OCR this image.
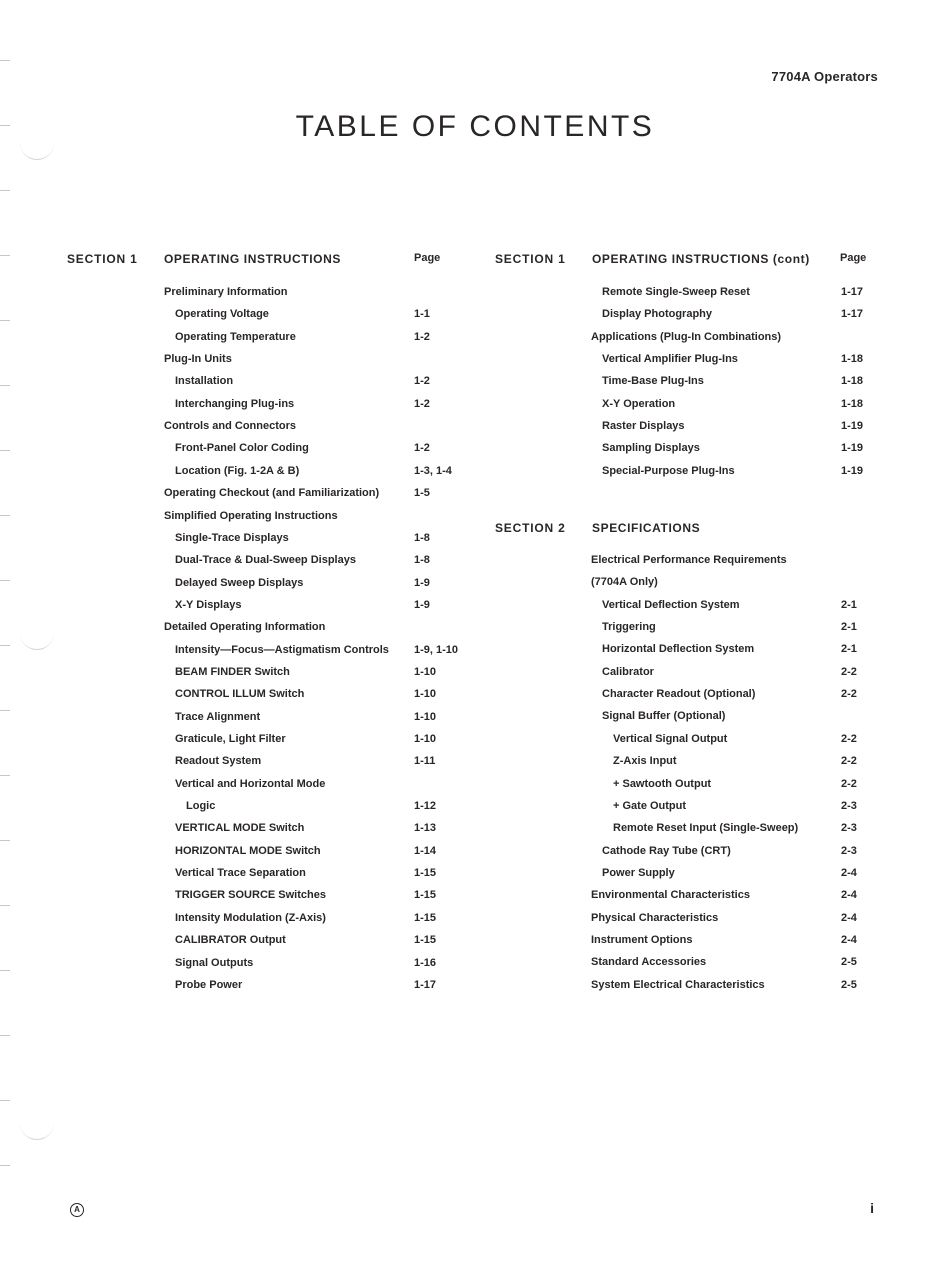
7704A Operators
TABLE OF CONTENTS
SECTION 1 OPERATING INSTRUCTIONS	Page
Preliminary Information
Operating Voltage	1-1
Operating Temperature	1-2
Plug-In Units
Installation	1-2
Interchanging Plug-ins	1-2
Controls and Connectors
Front-Panel Color Coding	1-2
Location (Fig. 1-2A & B)	1-3, 1-4
Operating Checkout (and Familiarization)	1-5
Simplified Operating Instructions
Single-Trace Displays	1-8
Dual-Trace & Dual-Sweep Displays	1-8
Delayed Sweep Displays	1-9
X-Y Displays	1-9
Detailed Operating Information
Intensity—Focus—Astigmatism Controls 1-9, 1-10
BEAM FINDER Switch	1-10
CONTROL ILLUM Switch	1-10
Trace Alignment	1-10
Graticule, Light Filter	1-10
Readout System	1-11
Vertical and Horizontal Mode
Logic	1-12
VERTICAL MODE Switch	1-13
HORIZONTAL MODE Switch	1-14
Vertical Trace Separation	1-15
TRIGGER SOURCE Switches	1-15
Intensity Modulation (Z-Axis)	1-15
CALIBRATOR Output	1-15
Signal Outputs	1-16
Probe Power	1-17
SECTION 1 OPERATING INSTRUCTIONS (cont)	Page
Remote Single-Sweep Reset	1-17
Display Photography	1-17
Applications (Plug-In Combinations)
Vertical Amplifier Plug-Ins	1-18
Time-Base Plug-Ins	1-18
X-Y Operation	1-18
Raster Displays	1-19
Sampling Displays	1-19
Special-Purpose Plug-Ins	1-19
SECTION 2 SPECIFICATIONS
Electrical Performance Requirements
(7704A Only)
Vertical Deflection System	2-1
Triggering	2-1
Horizontal Deflection System	2-1
Calibrator	2-2
Character Readout (Optional)	2-2
Signal Buffer (Optional)
Vertical Signal Output	2-2
Z-Axis Input	2-2
+ Sawtooth Output	2-2
+ Gate Output	2-3
Remote Reset Input (Single-Sweep)	2-3
Cathode Ray Tube (CRT)	2-3
Power Supply	2-4
Environmental Characteristics	2-4
Physical Characteristics	2-4
Instrument Options	2-4
Standard Accessories	2-5
System Electrical Characteristics	2-5
A	i
